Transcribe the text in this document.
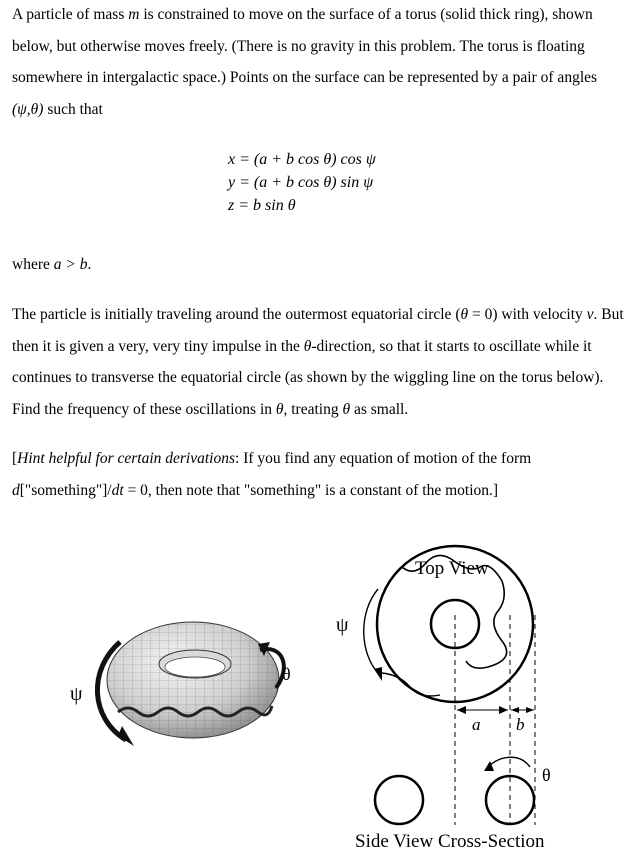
A particle of mass m is constrained to move on the surface of a torus (solid thick ring), shown below, but otherwise moves freely. (There is no gravity in this problem. The torus is floating somewhere in intergalactic space.) Points on the surface can be represented by a pair of angles (ψ,θ) such that

x = (a + b cos θ) cos ψ
y = (a + b cos θ) sin ψ
z = b sin θ

where a > b.

The particle is initially traveling around the outermost equatorial circle (θ = 0) with velocity v. But then it is given a very, very tiny impulse in the θ-direction, so that it starts to oscillate while it continues to transverse the equatorial circle (as shown by the wiggling line on the torus below). Find the frequency of these oscillations in θ, treating θ as small.

[Hint helpful for certain derivations: If you find any equation of motion of the form d["something"]/dt = 0, then note that "something" is a constant of the motion.]

ψ
θ
Top View
ψ
a b
θ
Side View Cross-Section
